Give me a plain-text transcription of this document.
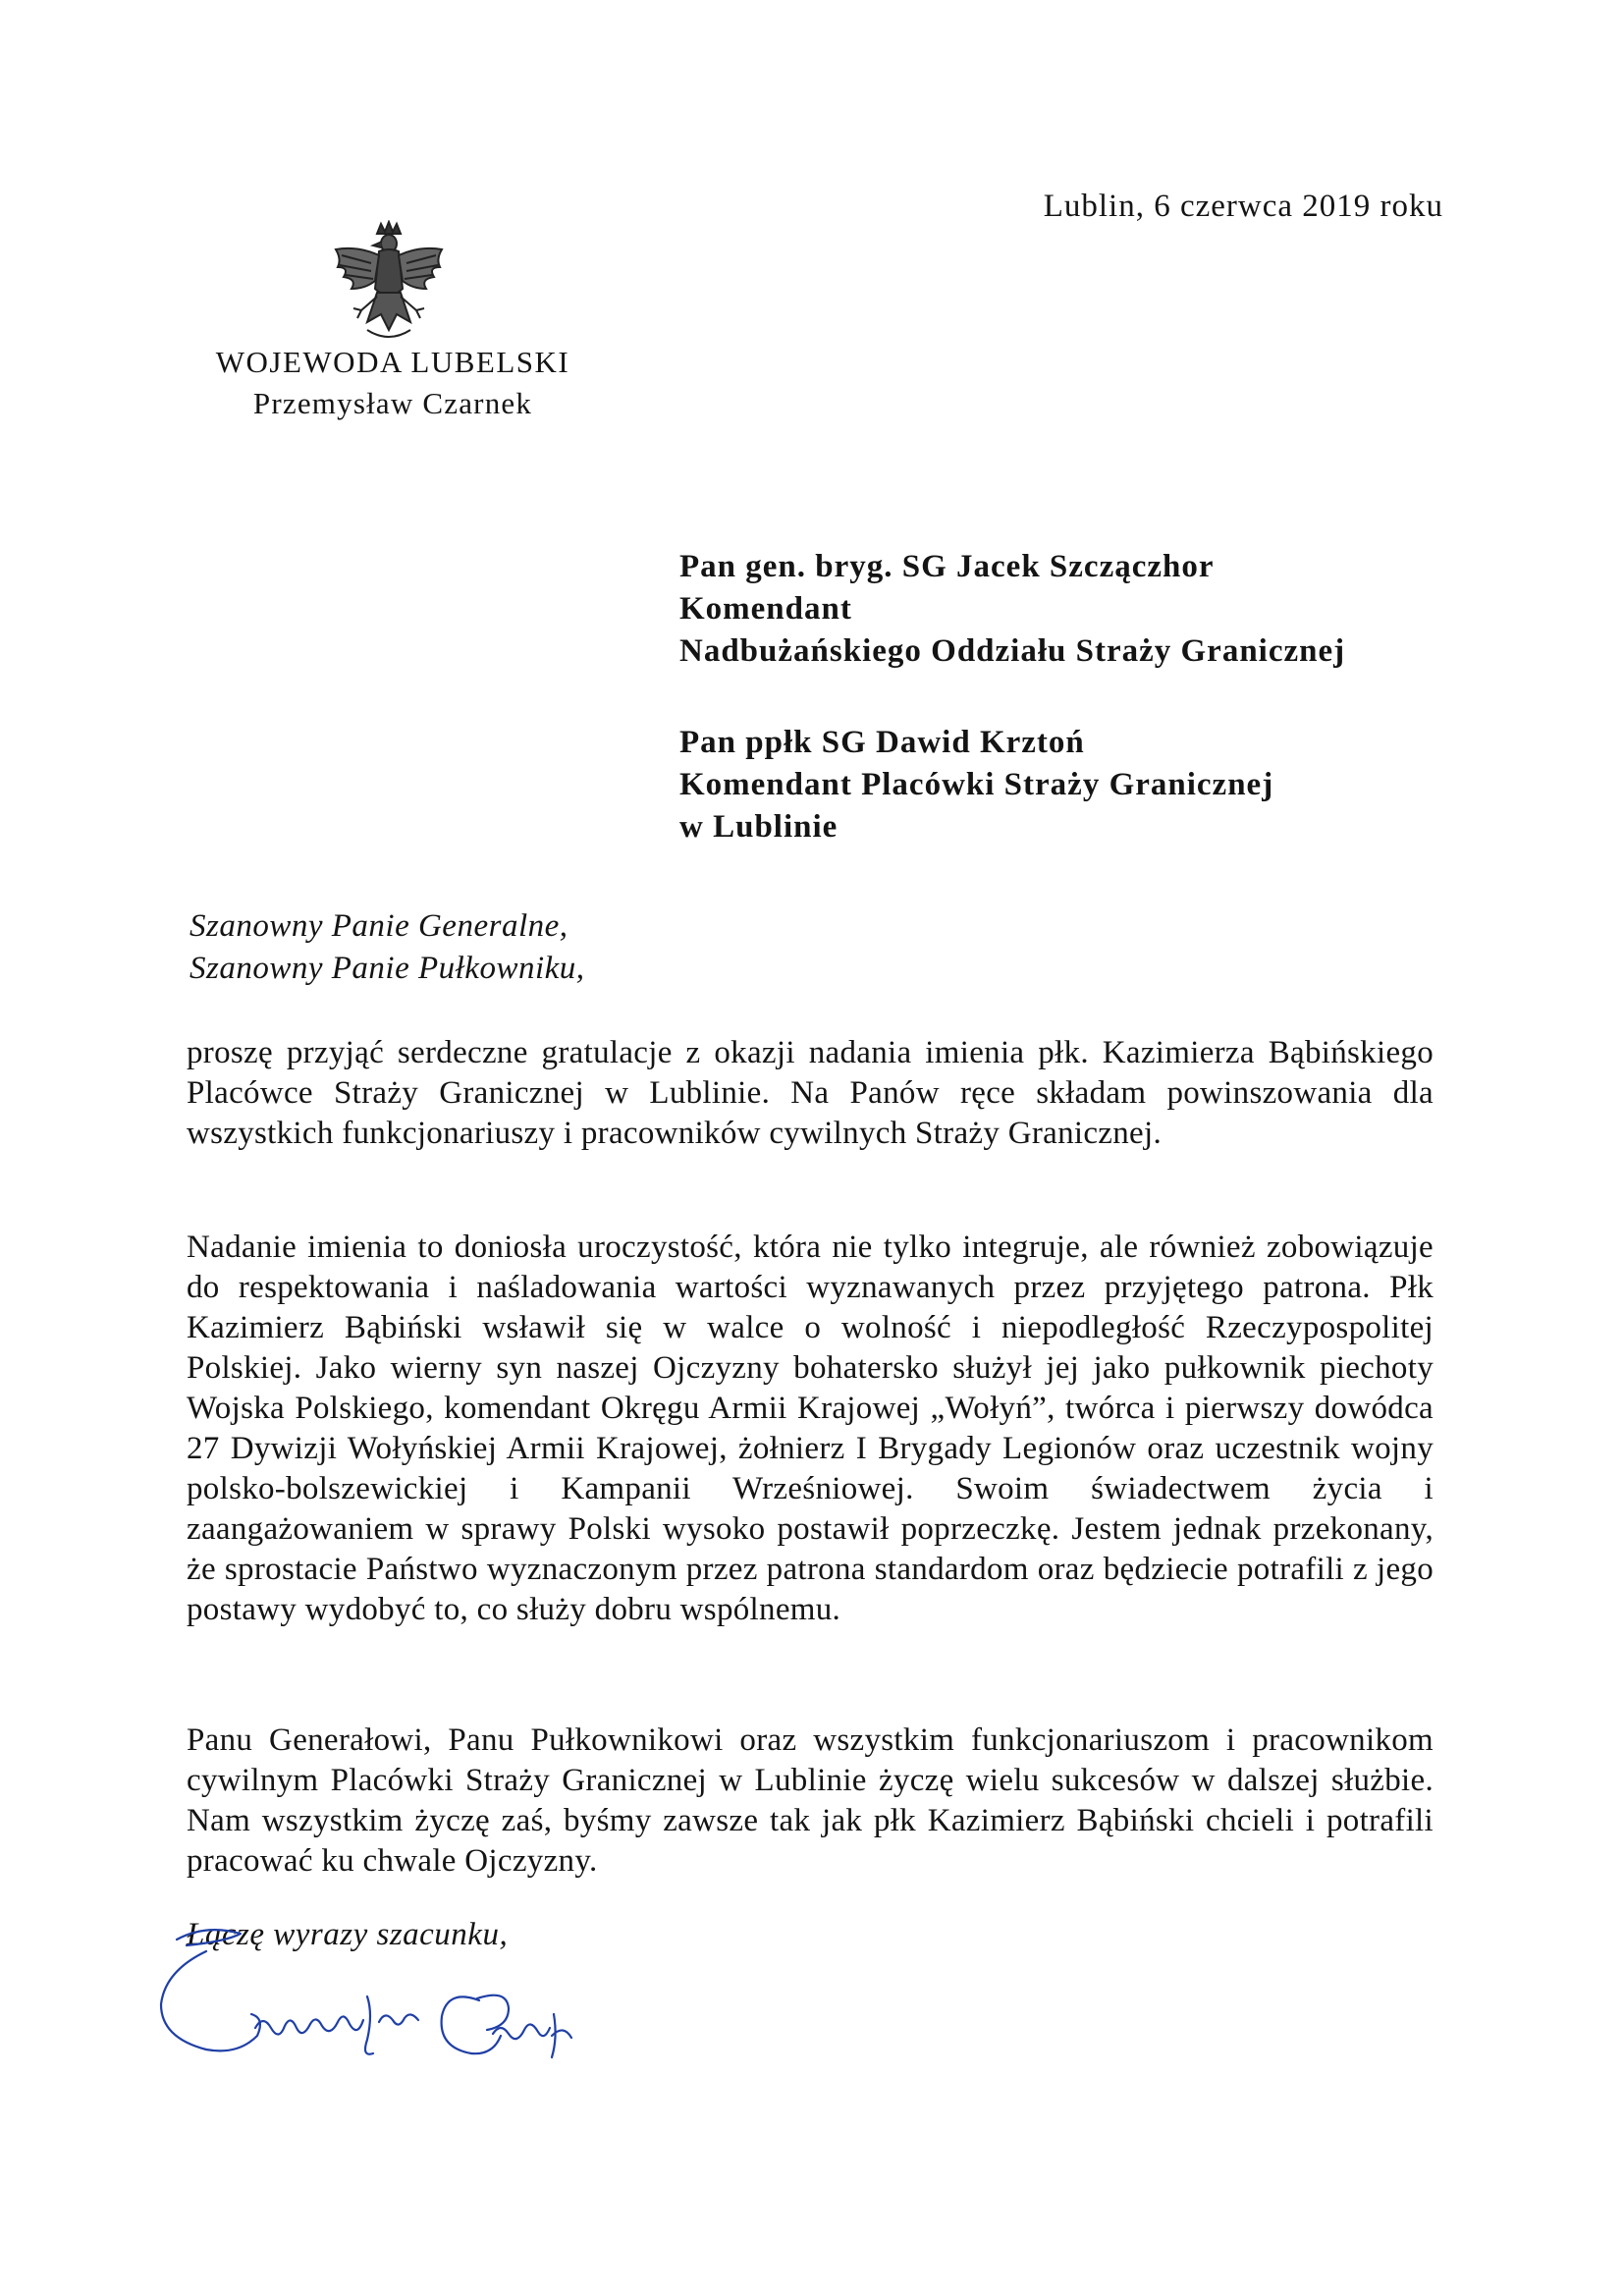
Lublin, 6 czerwca 2019 roku
WOJEWODA LUBELSKI
Przemysław Czarnek
Pan gen. bryg. SG Jacek Szczączhor
Komendant
Nadbużańskiego Oddziału Straży Granicznej
Pan ppłk SG Dawid Krztoń
Komendant Placówki Straży Granicznej
w Lublinie
Szanowny Panie Generalne,
Szanowny Panie Pułkowniku,

proszę przyjąć serdeczne gratulacje z okazji nadania imienia płk. Kazimierza Bąbińskiego Placówce Straży Granicznej w Lublinie. Na Panów ręce składam powinszowania dla wszystkich funkcjonariuszy i pracowników cywilnych Straży Granicznej.

Nadanie imienia to doniosła uroczystość, która nie tylko integruje, ale również zobowiązuje do respektowania i naśladowania wartości wyznawanych przez przyjętego patrona. Płk Kazimierz Bąbiński wsławił się w walce o wolność i niepodległość Rzeczypospolitej Polskiej. Jako wierny syn naszej Ojczyzny bohatersko służył jej jako pułkownik piechoty Wojska Polskiego, komendant Okręgu Armii Krajowej „Wołyń”, twórca i pierwszy dowódca 27 Dywizji Wołyńskiej Armii Krajowej, żołnierz I Brygady Legionów oraz uczestnik wojny polsko-bolszewickiej i Kampanii Wrześniowej. Swoim świadectwem życia i zaangażowaniem w sprawy Polski wysoko postawił poprzeczkę. Jestem jednak przekonany, że sprostacie Państwo wyznaczonym przez patrona standardom oraz będziecie potrafili z jego postawy wydobyć to, co służy dobru wspólnemu.

Panu Generałowi, Panu Pułkownikowi oraz wszystkim funkcjonariuszom i pracownikom cywilnym Placówki Straży Granicznej w Lublinie życzę wielu sukcesów w dalszej służbie. Nam wszystkim życzę zaś, byśmy zawsze tak jak płk Kazimierz Bąbiński chcieli i potrafili pracować ku chwale Ojczyzny.

Łączę wyrazy szacunku,
